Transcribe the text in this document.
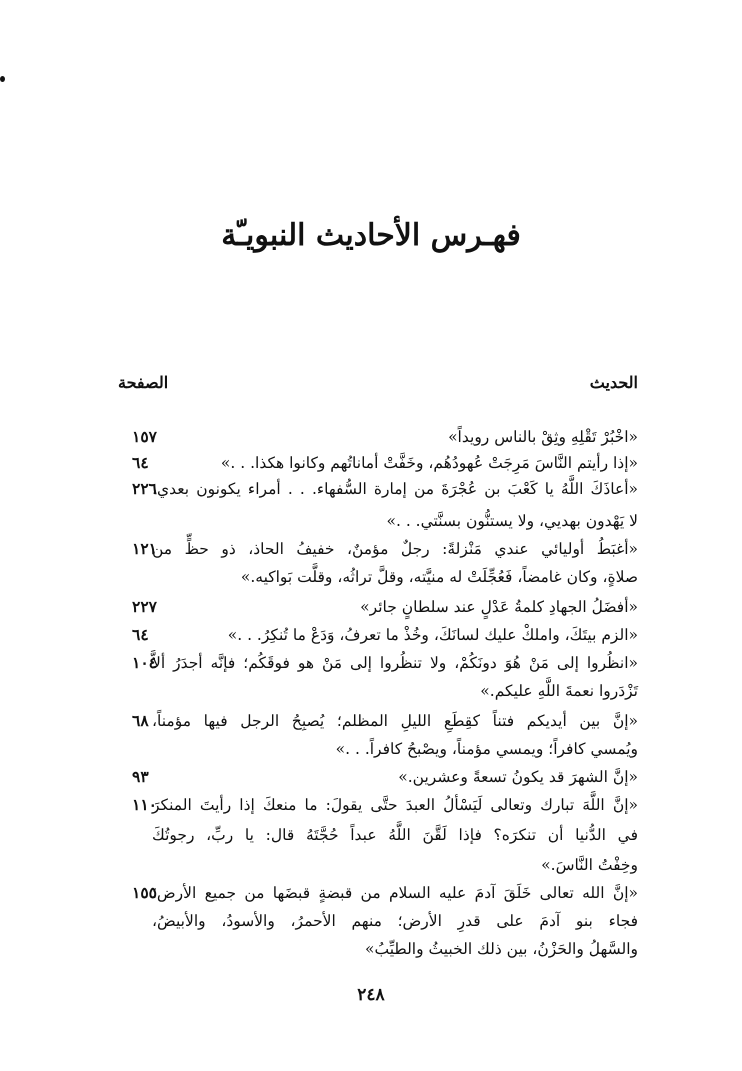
فهـرس الأحاديث النبويـّة
الحديث
الصفحة
«اخْبُرْ تَقْلِهِ وثِقْ بالناس رويداً»
١٥٧
«إذا رأيتم النَّاسَ مَرِجَتْ عُهودُهُم، وخَفَّتْ أماناتُهم وكانوا هكذا. . .»
٦٤
«أعاذَكَ اللَّهُ يا كَعْبَ بن عُجْرَةَ من إمارة السُّفهاء. . . أمراء يكونون بعدي،
٢٢٦
لا يَهْدون بهديي، ولا يستنُّون بسنَّتي. . .»
«أغبَطُ أوليائي عندي مَنْزلةً: رجلٌ مؤمنٌ، خفيفُ الحاذ، ذو حظٍّ من
١٢١
صلاةٍ، وكان غامضاً، فَعُجِّلَتْ له منيَّته، وقلَّ تراثُه، وقلَّت بَواكيه.»
«أفضَلُ الجهادِ كلمةُ عَدْلٍ عند سلطانٍ جائر»
٢٢٧
«الزم بيتَكَ، واملكْ عليك لسانَكَ، وخُذْ ما تعرفُ، وَدَعْ ما تُنكِرُ. . .»
٦٤
«انظُروا إلى مَنْ هُوَ دونَكُمْ، ولا تنظُروا إلى مَنْ هو فوقَكُم؛ فإنَّه أجدَرُ ألاَّ
١٠٤
تَزْدَروا نعمةَ اللَّهِ عليكم.»
«إنَّ بين أيديكم فتناً كقِطَعِ الليلِ المظلم؛ يُصبِحُ الرجل فيها مؤمناً،
٦٨
ويُمسي كافراً؛ ويمسي مؤمناً، ويصْبحُ كافراً. . .»
«إنَّ الشهرَ قد يكونُ تسعةً وعشرين.»
٩٣
«إنَّ اللَّهَ تبارك وتعالى لَيَسْألُ العبدَ حتَّى يقولَ: ما منعكَ إذا رأيتَ المنكرَ
١١٠
في الدُّنيا أن تنكرَه؟ فإذا لَقَّنَ اللَّهُ عبداً حُجَّتَهُ قال: يا ربِّ، رجوتُكَ
وخِفْتُ النَّاسَ.»
«إنَّ الله تعالى خَلَقَ آدمَ عليه السلام من قبضةٍ قبضَها من جميع الأرض؛
١٥٥
فجاء بنو آدمَ على قدرِ الأرض؛ منهم الأحمرُ، والأسودُ، والأبيضُ،
والسَّهلُ والحَزْنُ، بين ذلك الخبيثُ والطيِّبُ»
٢٤٨
